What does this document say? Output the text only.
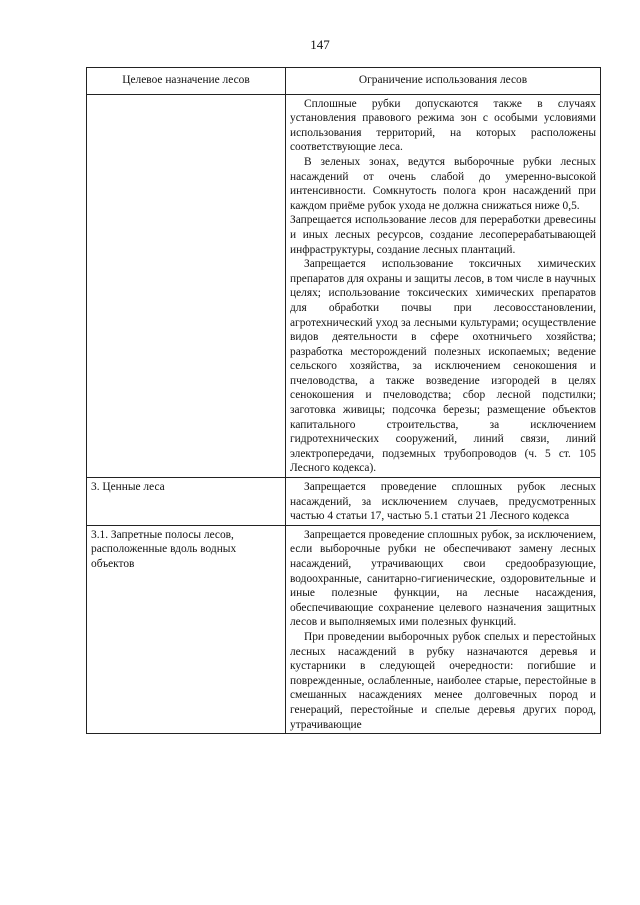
147
Целевое назначение лесов	Ограничение использования лесов

	Сплошные рубки допускаются также в случаях установления правового режима зон с особыми условиями использования территорий, на которых расположены соответствующие леса.

В зеленых зонах, ведутся выборочные рубки лесных насаждений от очень слабой до умеренно-высокой интенсивности. Сомкнутость полога крон насаждений при каждом приёме рубок ухода не должна снижаться ниже 0,5.

Запрещается использование лесов для переработки древесины и иных лесных ресурсов, создание лесоперерабатывающей инфраструктуры, создание лесных плантаций.

Запрещается использование токсичных химических препаратов для охраны и защиты лесов, в том числе в научных целях; использование токсических химических препаратов для обработки почвы при лесовосстановлении, агротехнический уход за лесными культурами; осуществление видов деятельности в сфере охотничьего хозяйства; разработка месторождений полезных ископаемых; ведение сельского хозяйства, за исключением сенокошения и пчеловодства, а также возведение изгородей в целях сенокошения и пчеловодства; сбор лесной подстилки; заготовка живицы; подсочка березы; размещение объектов капитального строительства, за исключением гидротехнических сооружений, линий связи, линий электропередачи, подземных трубопроводов (ч. 5 ст. 105 Лесного кодекса).

3. Ценные леса	Запрещается проведение сплошных рубок лесных насаждений, за исключением случаев, предусмотренных частью 4 статьи 17, частью 5.1 статьи 21 Лесного кодекса

3.1. Запретные полосы лесов, расположенные вдоль водных объектов	Запрещается проведение сплошных рубок, за исключением, если выборочные рубки не обеспечивают замену лесных насаждений, утрачивающих свои средообразующие, водоохранные, санитарно-гигиенические, оздоровительные и иные полезные функции, на лесные насаждения, обеспечивающие сохранение целевого назначения защитных лесов и выполняемых ими полезных функций.

При проведении выборочных рубок спелых и перестойных лесных насаждений в рубку назначаются деревья и кустарники в следующей очередности: погибшие и поврежденные, ослабленные, наиболее старые, перестойные в смешанных насаждениях менее долговечных пород и генераций, перестойные и спелые деревья других пород, утрачивающие
